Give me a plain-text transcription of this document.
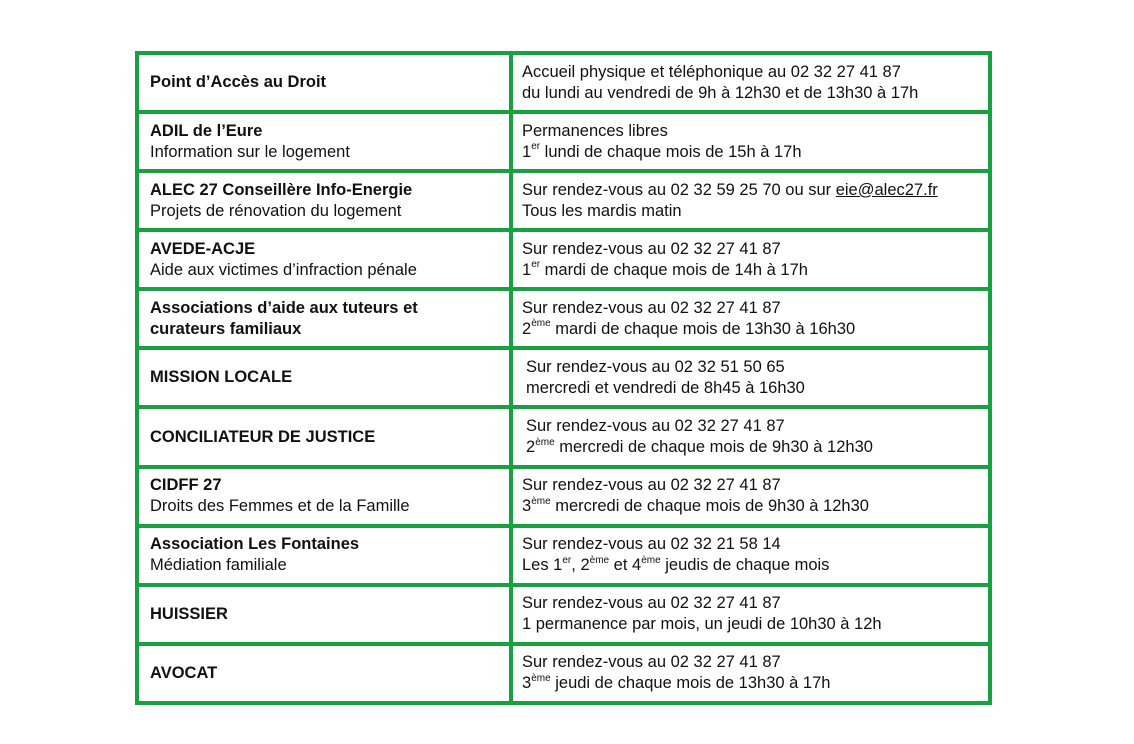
Point d’Accès au Droit	Accueil physique et téléphonique au 02 32 27 41 87
du lundi au vendredi de 9h à 12h30 et de 13h30 à 17h

ADIL de l’Eure
Information sur le logement	Permanences libres
1er lundi de chaque mois de 15h à 17h

ALEC 27 Conseillère Info-Energie
Projets de rénovation du logement	Sur rendez-vous au 02 32 59 25 70 ou sur eie@alec27.fr
Tous les mardis matin

AVEDE-ACJE
Aide aux victimes d’infraction pénale	Sur rendez-vous au 02 32 27 41 87
1er mardi de chaque mois de 14h à 17h

Associations d’aide aux tuteurs et
curateurs familiaux	Sur rendez-vous au 02 32 27 41 87
2ème mardi de chaque mois de 13h30 à 16h30

MISSION LOCALE	Sur rendez-vous au 02 32 51 50 65
mercredi et vendredi de 8h45 à 16h30

CONCILIATEUR DE JUSTICE	Sur rendez-vous au 02 32 27 41 87
2ème mercredi de chaque mois de 9h30 à 12h30

CIDFF 27
Droits des Femmes et de la Famille	Sur rendez-vous au 02 32 27 41 87
3ème mercredi de chaque mois de 9h30 à 12h30

Association Les Fontaines
Médiation familiale	Sur rendez-vous au 02 32 21 58 14
Les 1er, 2ème et 4ème jeudis de chaque mois

HUISSIER	Sur rendez-vous au 02 32 27 41 87
1 permanence par mois, un jeudi de 10h30 à 12h

AVOCAT	Sur rendez-vous au 02 32 27 41 87
3ème jeudi de chaque mois de 13h30 à 17h
